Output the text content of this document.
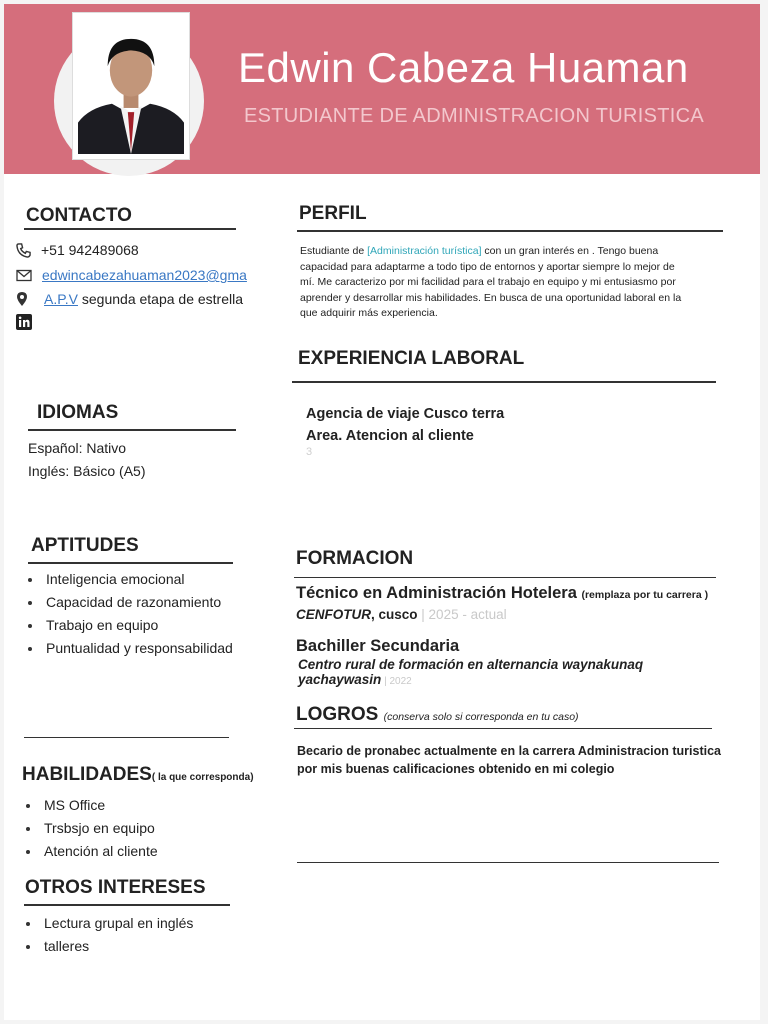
Edwin Cabeza Huaman
ESTUDIANTE DE ADMINISTRACION TURISTICA
CONTACTO
+51 942489068
edwincabezahuaman2023@gma
A.P.V segunda etapa de estrella
IDIOMAS
Español: Nativo
Inglés: Básico (A5)
APTITUDES
Inteligencia emocional
Capacidad de razonamiento
Trabajo en equipo
Puntualidad y responsabilidad
HABILIDADES( la que corresponda)
MS Office
Trsbsjo en equipo
Atención al cliente
OTROS INTERESES
Lectura grupal en inglés
talleres
PERFIL
Estudiante de [Administración turística] con un gran interés en . Tengo buena capacidad para adaptarme a todo tipo de entornos y aportar siempre lo mejor de mí. Me caracterizo por mi facilidad para el trabajo en equipo y mi entusiasmo por aprender y desarrollar mis habilidades. En busca de una oportunidad laboral en la que adquirir más experiencia.
EXPERIENCIA LABORAL
Agencia de viaje Cusco terra
Area. Atencion al cliente
3
FORMACION
Técnico en Administración Hotelera (remplaza por tu carrera )
CENFOTUR, cusco | 2025 - actual
Bachiller Secundaria
Centro rural de formación en alternancia waynakunaq
yachaywasin | 2022
LOGROS (conserva solo si corresponda en tu caso)
Becario de pronabec actualmente en la carrera Administracion turistica
por mis buenas calificaciones obtenido en mi colegio
